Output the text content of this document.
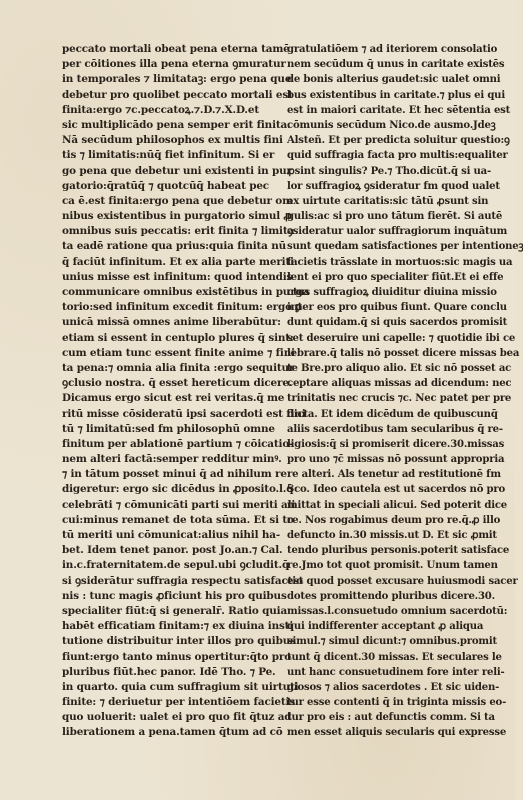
peccato mortali obeat pena eterna tamē
per cōitiones illa pena eterna ꝯmuratur
in temporales ⁊ limitataꝫ: ergo pena que
debetur pro quolibet peccato mortali est
finita:ergo ⁊c.peccatoꝝ.⁊.D.⁊.X.D.et
sic multiplicādo pena semper erit finita.
Nā secūdum philosophos ex multis fini
tis ⁊ limitatis:nūq̄ fiet infinitum. Si er
go pena que debetur uni existenti in pur
gatorio:q̄ratūq̄ ⁊ quotcūq̄ habeat pec
ca ē.est finita:ergo pena que debetur om
nibus existentibus in purgatorio simul ꝓ
omnibus suis peccatis: erit finita ⁊ limita
ta eadē ratione qua prius:quia finita nū
q̄ faciūt infinitum. Et ex alia parte meriti
unius misse est infinitum: quod intendis
communicare omnibus existētibus in purga
torio:sed infinitum excedit finitum: ergo ꝑ
unicā missā omnes anime liberabūtur:
etiam si essent in centuplo plures q̄ sint:
cum etiam tunc essent finite anime ⁊ fini
ta pena:⁊ omnia alia finita :ergo sequitur
ꝯclusio nostra. q̄ esset hereticum dicere.
Dicamus ergo sicut est rei veritas.q̄ me
ritū misse cōsideratū ipsi sacerdoti est fini
tū ⁊ limitatū:sed fm philosophū omne
finitum per ablationē partium ⁊ cōicatio-
nem alteri factā:semper redditur minꝰ.
⁊ in tātum posset minui q̄ ad nihilum re
digeretur: ergo sic dicēdus in ꝓposito.l.q̄
celebrāti ⁊ cōmunicāti parti sui meriti ali
cui:minus remanet de tota sūma. Et si to
tū meriti uni cōmunicat:alius nihil ha-
bet. Idem tenet panor. post Jo.an.⁊ Cal.
in.c.fraternitatem.de sepul.ubi ꝯcludit.q̄
si ꝯsiderātur suffragia respectu satisfactio
nis : tunc magis ꝓficiunt his pro quibus
specialiter fiūt:q̄ si generalr̄. Ratio quia
habēt efficatiam finitam:⁊ ex diuina insti
tutione distribuitur inter illos pro quibus
fiunt:ergo tanto minus opertitur:q̄to pro
pluribus fiūt.hec panor. Idē Tho. ⁊ Pe.
in quarto. quia cum suffragium sit uirtuti
finite: ⁊ deriuetur per intentiōem facietis
quo uoluerit: ualet ei pro quo fit q̄tuz ad
liberationem a pena.tamen q̄tum ad cō
gratulatiōem ⁊ ad iteriorem consolatio
nem secūdum q̄ unus in caritate existēs
de bonis alterius gaudet:sic ualet omni
bus existentibus in caritate.⁊ plus ei qui
est in maiori caritate. Et hec sētentia est
cōmunis secūdum Nico.de ausmo.Jdeꝫ
Alsteñ. Et per predicta soluitur questio:ꝯ
quid suffragia facta pro multis:equaliter
ꝓsint singulis? Pe.⁊ Tho.dicūt.q̄ si ua-
lor suffragioꝝ ꝯsideratur fm quod ualet
ex uirtute caritatis:sic tātū ꝓsunt sin
gulis:ac si pro uno tātum fierēt. Si autē
ꝯsideratur ualor suffragiorum inquātum
sunt quedam satisfactiones per intentioneꝫ
facietis trāsslate in mortuos:sic magis ua
lent ei pro quo specialiter fiūt.Et ei effe
ctus suffragioꝝ diuiditur diuina missio
inter eos pro quibus fiunt. Quare conclu
dunt quidam.q̄ si quis sacerdos promisit
set deseruire uni capelle: ⁊ quotidie ibi ce
lebrare.q̄ talis nō posset dicere missas bea
te Bre.pro aliquo alio. Et sic nō posset ac
ceptare aliquas missas ad dicendum: nec
trinitatis nec crucis ⁊c. Nec patet per pre
dicta. Et idem dicēdum de quibuscunq̄
aliis sacerdotibus tam secularibus q̄ re-
ligiosis:q̄ si promiserit dicere.30.missas
pro uno ⁊c̄ missas nō possunt appropria
re alteri. Als tenetur ad restitutionē fm
Sco. Ideo cautela est ut sacerdos nō pro
mittat in speciali alicui. Sed poterit dice
re. Nos rogabimus deum pro re.q̄.ꝓ illo
defuncto in.30 missis.ut D. Et sic ꝓmit
tendo pluribus personis.poterit satisface
re.Jmo tot quot promisit. Unum tamen
est quod posset excusare huiusmodi sacer
dotes promittendo pluribus dicere.30.
missas.l.consuetudo omnium sacerdotū:
qui indifferenter acceptant ꝓ aliqua
simul.⁊ simul dicunt:⁊ omnibus.promit
tunt q̄ dicent.30 missas. Et seculares le
unt hanc consuetudinem fore inter reli-
giosos ⁊ alios sacerdotes . Et sic uiden-
tur esse contenti q̄ in triginta missis eo-
tur pro eis : aut defunctis comm. Si ta
men esset aliquis secularis qui expresse
